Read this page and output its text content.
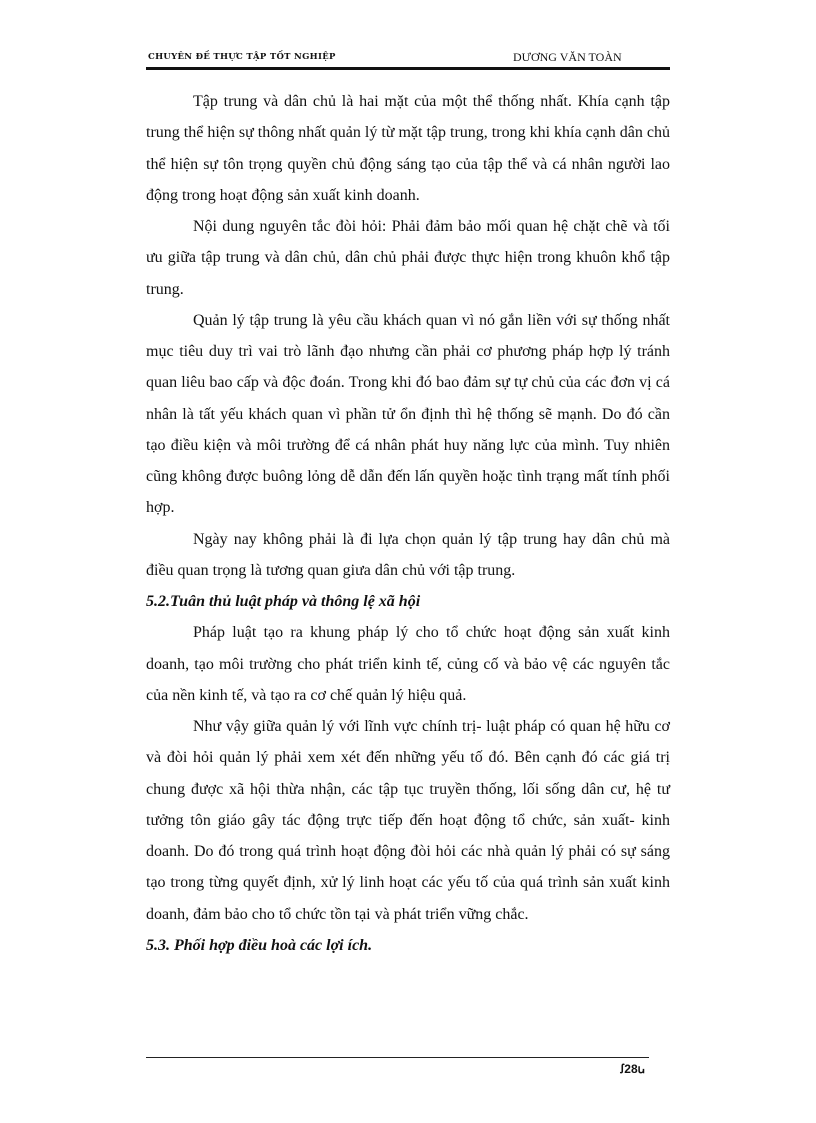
CHUYÊN ĐỀ THỰC TẬP TỐT NGHIỆP	DƯƠNG VĂN TOÀN

Tập trung và dân chủ là hai mặt của một thể thống nhất. Khía cạnh tập trung thể hiện sự thông nhất quản lý từ mặt tập trung, trong khi khía cạnh dân chủ thể hiện sự tôn trọng quyền chủ động sáng tạo của tập thể và cá nhân người lao động trong hoạt động sản xuất kinh doanh.

Nội dung nguyên tắc đòi hỏi: Phải đảm bảo mối quan hệ chặt chẽ và tối ưu giữa tập trung và dân chủ, dân chủ phải được thực hiện trong khuôn khổ tập trung.

Quản lý tập trung là yêu cầu khách quan vì nó gắn liền với sự thống nhất mục tiêu duy trì vai trò lãnh đạo nhưng cần phải cơ phương pháp hợp lý tránh quan liêu bao cấp và độc đoán. Trong khi đó bao đảm sự tự chủ của các đơn vị cá nhân là tất yếu khách quan vì phần tử ổn định thì hệ thống sẽ mạnh. Do đó cần tạo điều kiện và môi trường để cá nhân phát huy năng lực của mình. Tuy nhiên cũng không được buông lỏng dễ dẫn đến lấn quyền hoặc tình trạng mất tính phối hợp.

Ngày nay không phải là đi lựa chọn quản lý tập trung hay dân chủ mà điều quan trọng là tương quan giưa dân chủ với tập trung.

5.2.Tuân thủ luật pháp và thông lệ xã hội

Pháp luật tạo ra khung pháp lý cho tổ chức hoạt động sản xuất kinh doanh, tạo môi trường cho phát triển kinh tế, củng cố và bảo vệ các nguyên tắc của nền kinh tế, và tạo ra cơ chế quản lý hiệu quả.

Như vậy giữa quản lý với lĩnh vực chính trị- luật pháp có quan hệ hữu cơ và đòi hỏi quản lý phải xem xét đến những yếu tố đó. Bên cạnh đó các giá trị chung được xã hội thừa nhận, các tập tục truyền thống, lối sống dân cư, hệ tư tưởng tôn giáo gây tác động trực tiếp đến hoạt động tổ chức, sản xuất- kinh doanh. Do đó trong quá trình hoạt động đòi hỏi các nhà quản lý phải có sự sáng tạo trong từng quyết định, xử lý linh hoạt các yếu tố của quá trình sản xuất kinh doanh, đảm bảo cho tổ chức tồn tại và phát triển vững chắc.

5.3. Phối hợp điều hoà các lợi ích.

ꭍ28ꭎ
